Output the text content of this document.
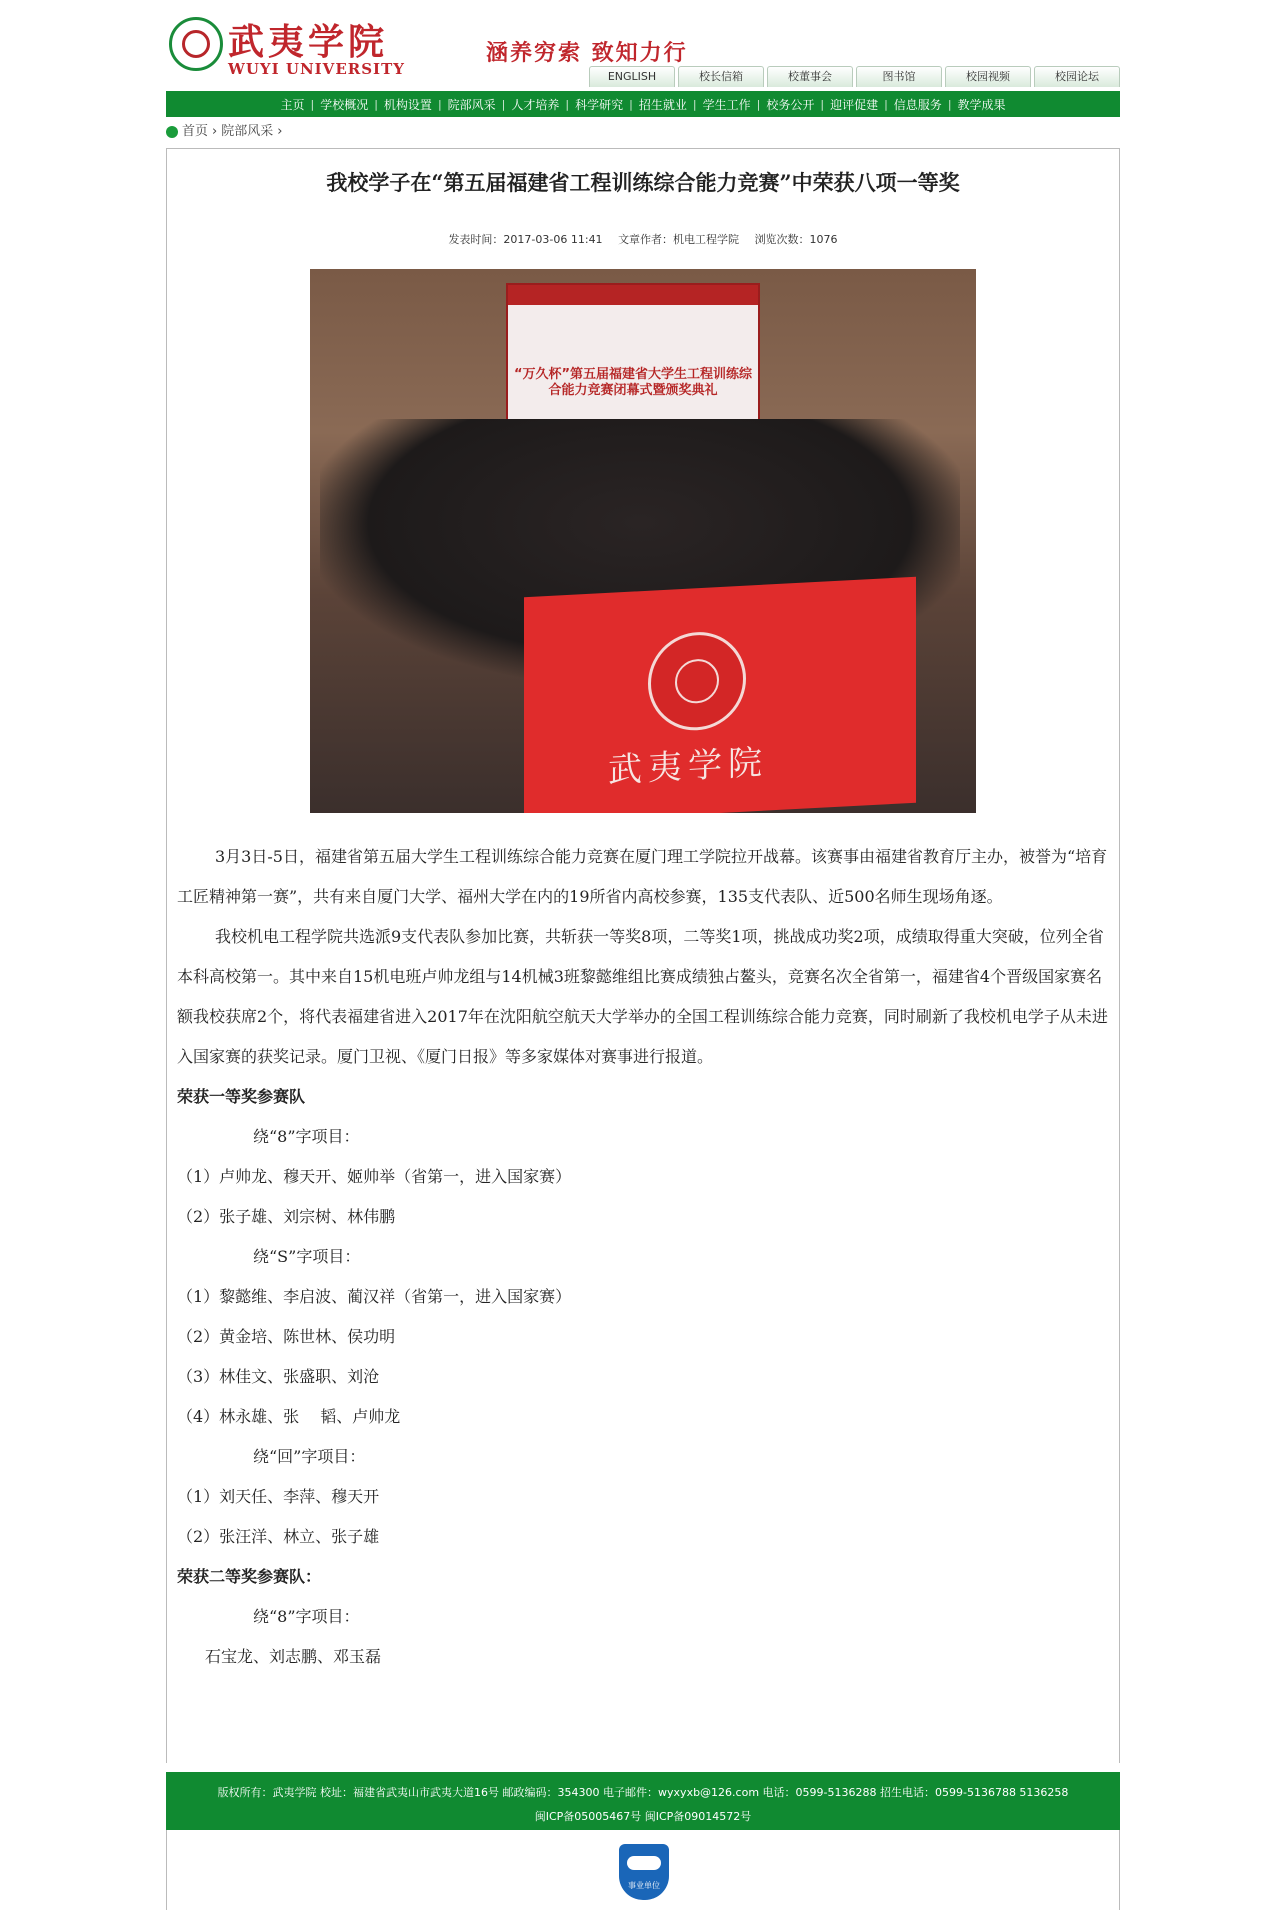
武夷学院
WUYI UNIVERSITY
涵养穷索 致知力行
ENGLISH	校长信箱	校董事会	图书馆	校园视频	校园论坛
主页 | 学校概况 | 机构设置 | 院部风采 | 人才培养 | 科学研究 | 招生就业 | 学生工作 | 校务公开 | 迎评促建 | 信息服务 | 教学成果
首页 › 院部风采 ›
我校学子在“第五届福建省工程训练综合能力竞赛”中荣获八项一等奖
发表时间：2017-03-06 11:41 文章作者：机电工程学院 浏览次数：1076
“万久杯”第五届福建省大学生工程训练综合能力竞赛闭幕式暨颁奖典礼
武夷学院

3月3日-5日，福建省第五届大学生工程训练综合能力竞赛在厦门理工学院拉开战幕。该赛事由福建省教育厅主办，被誉为“培育工匠精神第一赛”，共有来自厦门大学、福州大学在内的19所省内高校参赛，135支代表队、近500名师生现场角逐。

我校机电工程学院共选派9支代表队参加比赛，共斩获一等奖8项，二等奖1项，挑战成功奖2项，成绩取得重大突破，位列全省本科高校第一。其中来自15机电班卢帅龙组与14机械3班黎懿维组比赛成绩独占鳌头，竞赛名次全省第一，福建省4个晋级国家赛名额我校获席2个，将代表福建省进入2017年在沈阳航空航天大学举办的全国工程训练综合能力竞赛，同时刷新了我校机电学子从未进入国家赛的获奖记录。厦门卫视、《厦门日报》等多家媒体对赛事进行报道。

荣获一等奖参赛队

绕“8”字项目：

（1）卢帅龙、穆天开、姬帅举（省第一，进入国家赛）

（2）张子雄、刘宗树、林伟鹏

绕“S”字项目：

（1）黎懿维、李启波、蔺汉祥（省第一，进入国家赛）

（2）黄金培、陈世林、侯功明

（3）林佳文、张盛职、刘沧

（4）林永雄、张　 韬、卢帅龙

绕“回”字项目：

（1）刘天任、李萍、穆天开

（2）张汪洋、林立、张子雄

荣获二等奖参赛队：

绕“8”字项目：

石宝龙、刘志鹏、邓玉磊

版权所有：武夷学院 校址：福建省武夷山市武夷大道16号 邮政编码：354300 电子邮件：wyxyxb@126.com 电话：0599-5136288 招生电话：0599-5136788 5136258
闽ICP备05005467号 闽ICP备09014572号
事业单位
